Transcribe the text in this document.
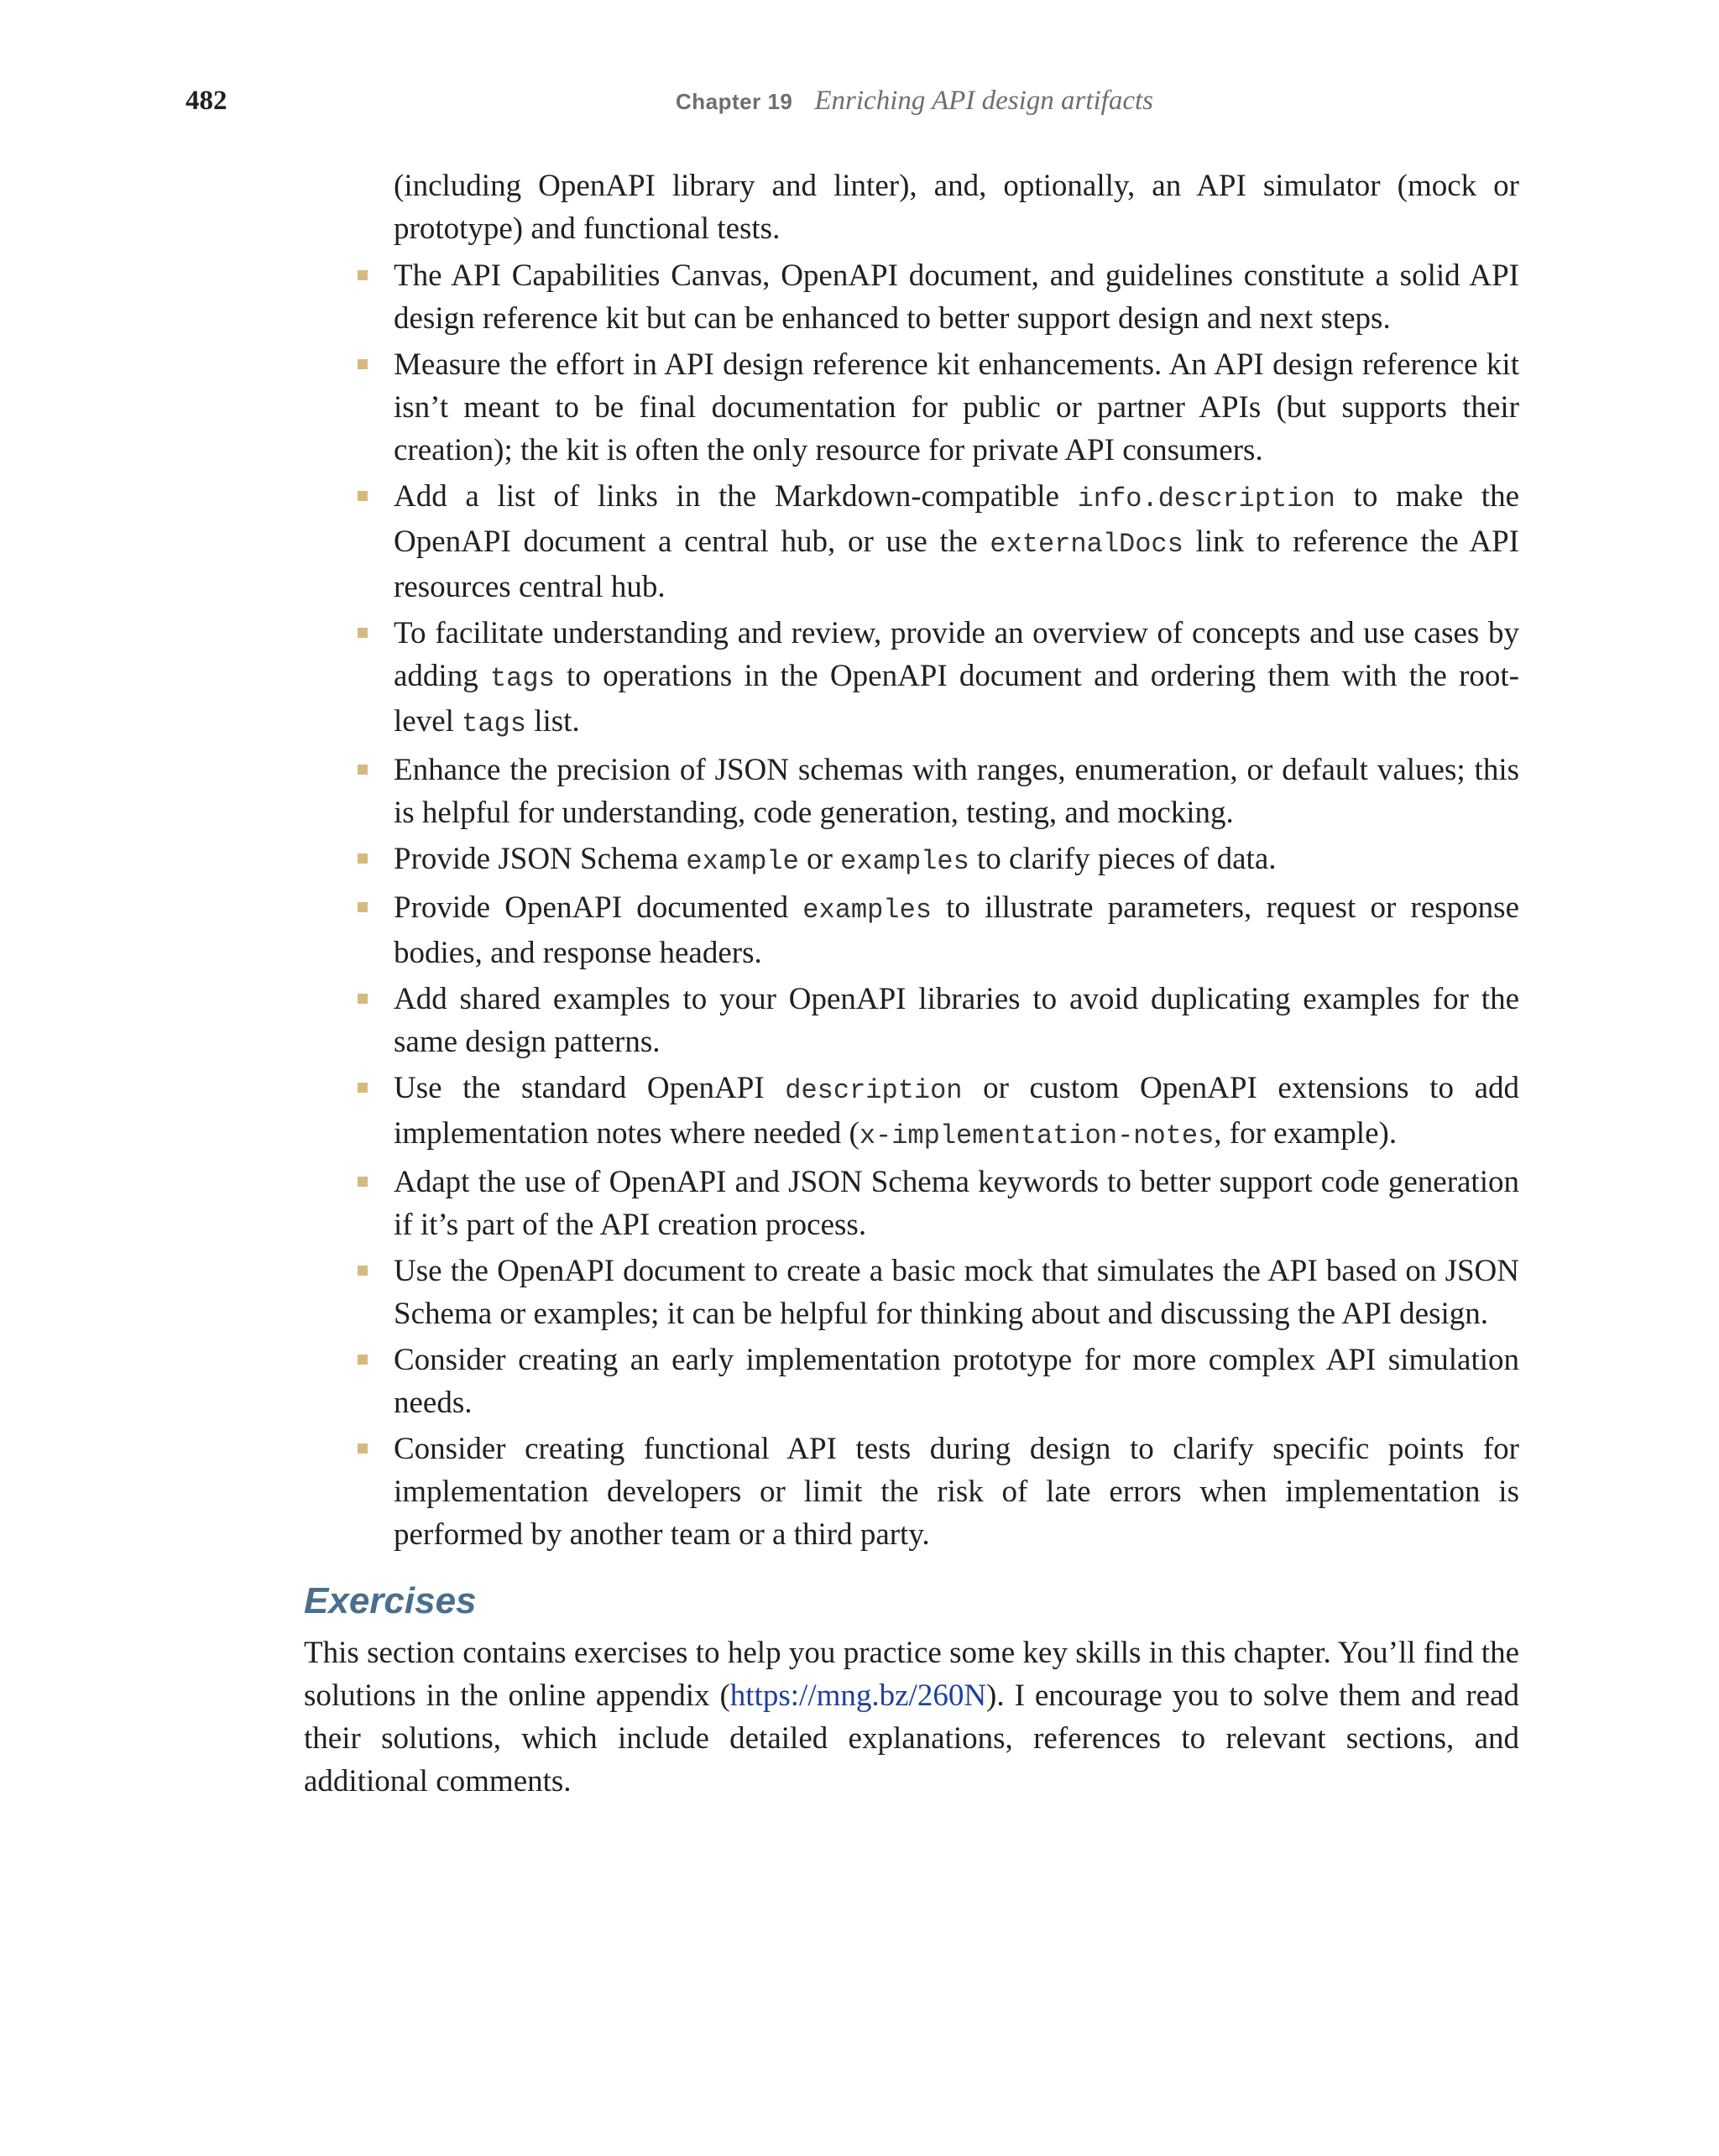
482	Chapter 19 Enriching API design artifacts

(including OpenAPI library and linter), and, optionally, an API simulator (mock or prototype) and functional tests.

The API Capabilities Canvas, OpenAPI document, and guidelines constitute a solid API design reference kit but can be enhanced to better support design and next steps.
Measure the effort in API design reference kit enhancements. An API design reference kit isn’t meant to be final documentation for public or partner APIs (but supports their creation); the kit is often the only resource for private API consumers.
Add a list of links in the Markdown-compatible info.description to make the OpenAPI document a central hub, or use the externalDocs link to reference the API resources central hub.
To facilitate understanding and review, provide an overview of concepts and use cases by adding tags to operations in the OpenAPI document and ordering them with the root-level tags list.
Enhance the precision of JSON schemas with ranges, enumeration, or default values; this is helpful for understanding, code generation, testing, and mocking.
Provide JSON Schema example or examples to clarify pieces of data.
Provide OpenAPI documented examples to illustrate parameters, request or response bodies, and response headers.
Add shared examples to your OpenAPI libraries to avoid duplicating examples for the same design patterns.
Use the standard OpenAPI description or custom OpenAPI extensions to add implementation notes where needed (x-implementation-notes, for example).
Adapt the use of OpenAPI and JSON Schema keywords to better support code generation if it’s part of the API creation process.
Use the OpenAPI document to create a basic mock that simulates the API based on JSON Schema or examples; it can be helpful for thinking about and discussing the API design.
Consider creating an early implementation prototype for more complex API simulation needs.
Consider creating functional API tests during design to clarify specific points for implementation developers or limit the risk of late errors when implementation is performed by another team or a third party.
Exercises

This section contains exercises to help you practice some key skills in this chapter. You’ll find the solutions in the online appendix (https://mng.bz/260N). I encourage you to solve them and read their solutions, which include detailed explanations, references to relevant sections, and additional comments.
